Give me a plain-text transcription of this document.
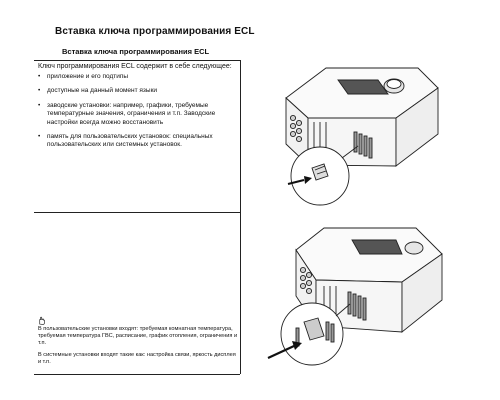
Вставка ключа программирования ECL
Вставка ключа программирования ECL
Ключ программирования ECL содержит в себе следующее:
• приложение и его подтипы
• доступные на данный момент языки
• заводские установки: например, графики, требуемые температурные значения, ограничения и т.п. Заводские настройки всегда можно восстановить
• память для пользовательских установок: специальных пользовательских или системных установок.
В пользовательские установки входят: требуемая комнатная температура, требуемая температура ГВС, расписание, график отопления, ограничения и т.п.
В системные установки входят такие как: настройка связи, яркость дисплея и т.п.
